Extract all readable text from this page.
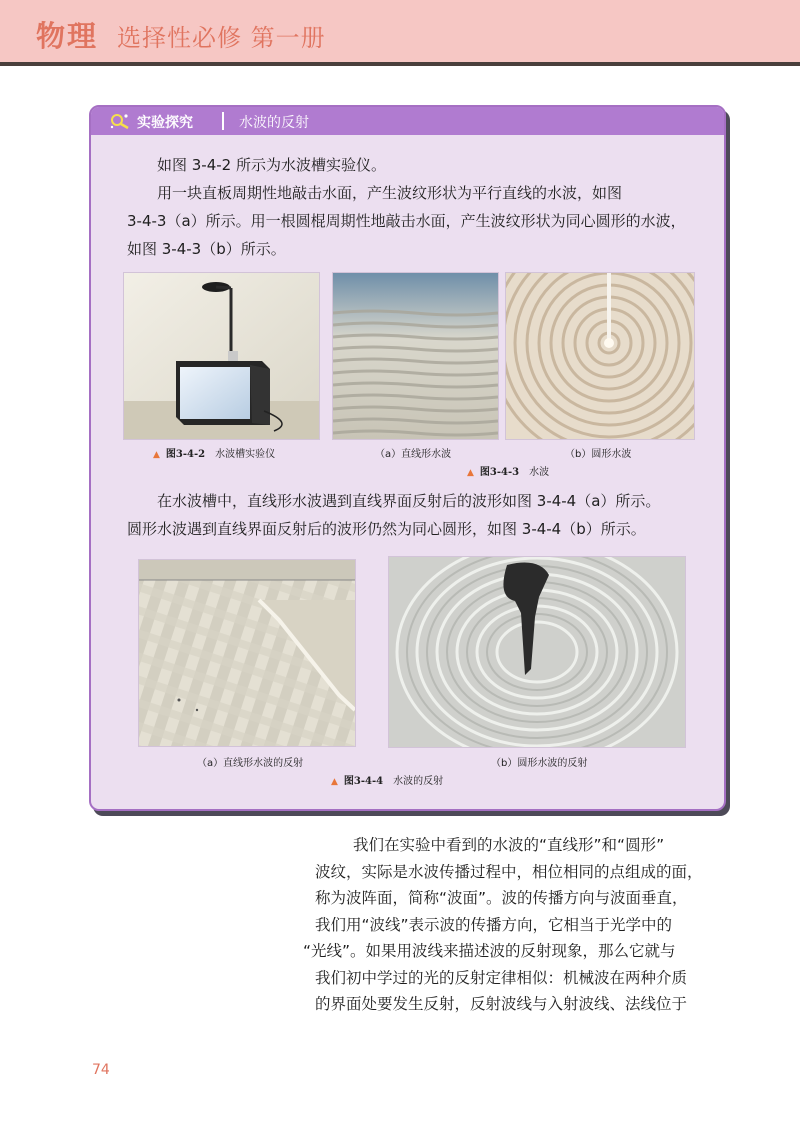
物理 选择性必修 第一册
实验探究	水波的反射
如图 3-4-2 所示为水波槽实验仪。
用一块直板周期性地敲击水面，产生波纹形状为平行直线的水波，如图
3-4-3（a）所示。用一根圆棍周期性地敲击水面，产生波纹形状为同心圆形的水波，
如图 3-4-3（b）所示。
▲ 图3-4-2 水波槽实验仪	（a）直线形水波	（b）圆形水波
▲ 图3-4-3 水波
在水波槽中，直线形水波遇到直线界面反射后的波形如图 3-4-4（a）所示。
圆形水波遇到直线界面反射后的波形仍然为同心圆形，如图 3-4-4（b）所示。
（a）直线形水波的反射	（b）圆形水波的反射
▲ 图3-4-4 水波的反射
我们在实验中看到的水波的“直线形”和“圆形”
波纹，实际是水波传播过程中，相位相同的点组成的面，
称为波阵面，简称“波面”。波的传播方向与波面垂直，
我们用“波线”表示波的传播方向，它相当于光学中的
“光线”。如果用波线来描述波的反射现象，那么它就与
我们初中学过的光的反射定律相似：机械波在两种介质
的界面处要发生反射，反射波线与入射波线、法线位于
74
